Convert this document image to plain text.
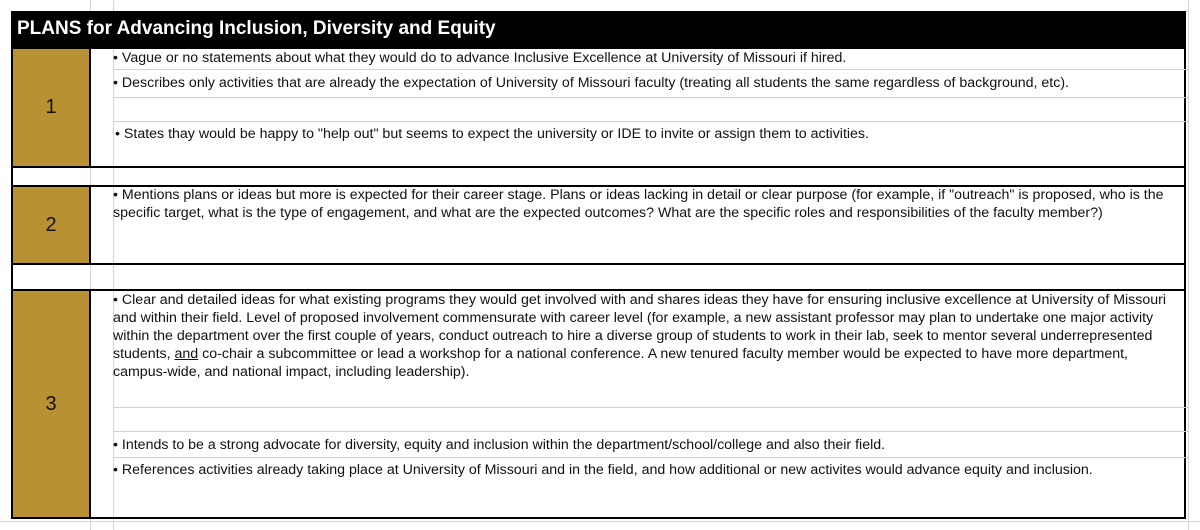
PLANS for Advancing Inclusion, Diversity and Equity
1
• Vague or no statements about what they would do to advance Inclusive Excellence at University of Missouri if hired.
• Describes only activities that are already the expectation of University of Missouri faculty (treating all students the same regardless of background, etc).
• States thay would be happy to "help out" but seems to expect the university or IDE to invite or assign them to activities.
2
• Mentions plans or ideas but more is expected for their career stage. Plans or ideas lacking in detail or clear purpose (for example, if "outreach" is proposed, who is the specific target, what is the type of engagement, and what are the expected outcomes? What are the specific roles and responsibilities of the faculty member?)
3
• Clear and detailed ideas for what existing programs they would get involved with and shares ideas they have for ensuring inclusive excellence at University of Missouri and within their field. Level of proposed involvement commensurate with career level (for example, a new assistant professor may plan to undertake one major activity within the department over the first couple of years, conduct outreach to hire a diverse group of students to work in their lab, seek to mentor several underrepresented students, and co-chair a subcommittee or lead a workshop for a national conference. A new tenured faculty member would be expected to have more department, campus-wide, and national impact, including leadership).
• Intends to be a strong advocate for diversity, equity and inclusion within the department/school/college and also their field.
• References activities already taking place at University of Missouri and in the field, and how additional or new activites would advance equity and inclusion.
